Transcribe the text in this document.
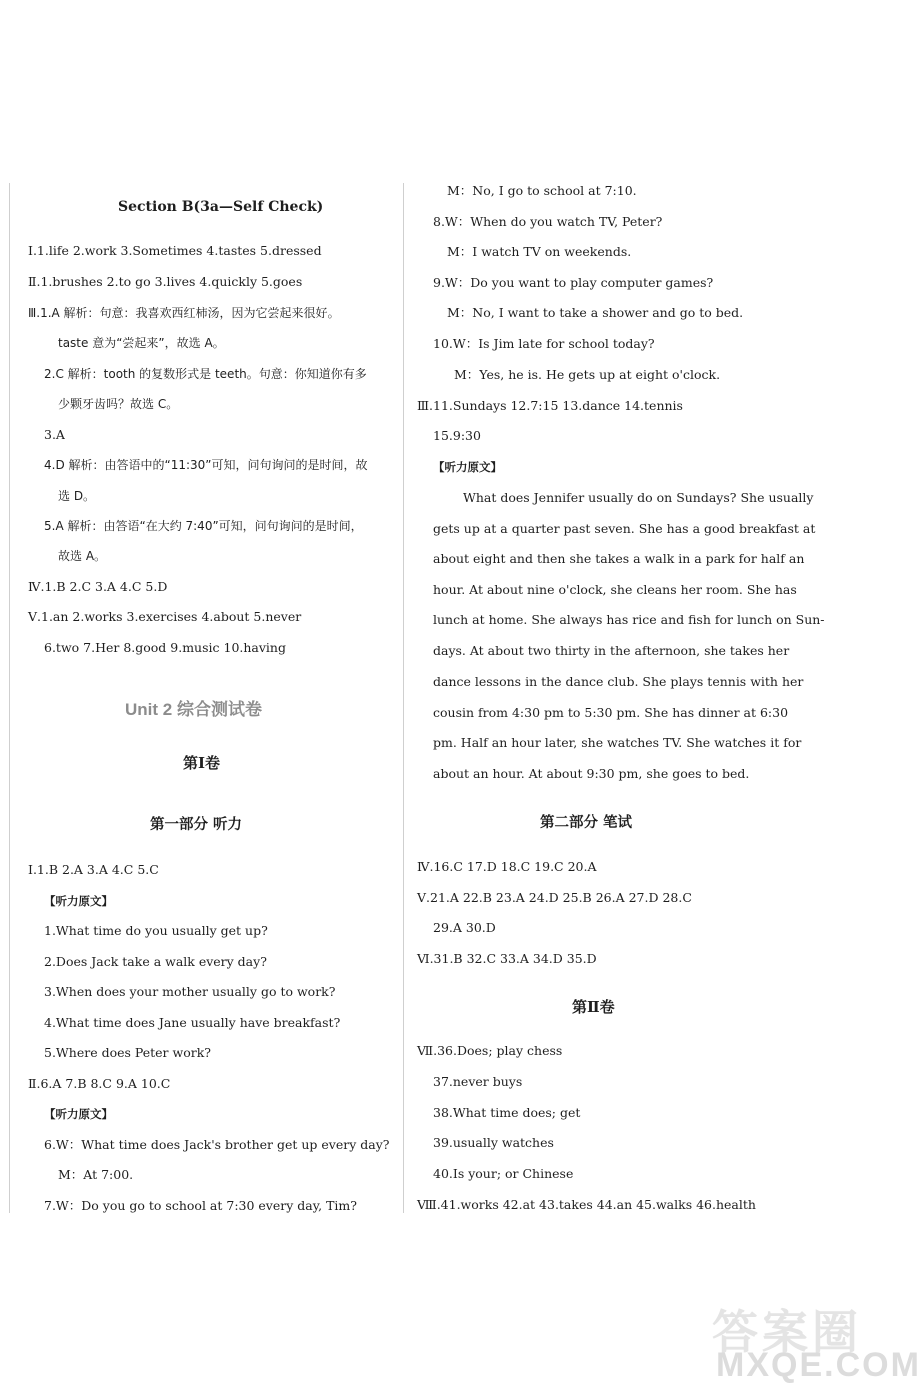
Section B(3a—Self Check)
Ⅰ.1.life 2.work 3.Sometimes 4.tastes 5.dressed
Ⅱ.1.brushes 2.to go 3.lives 4.quickly 5.goes
Ⅲ.1.A 解析：句意：我喜欢西红柿汤，因为它尝起来很好。
taste 意为“尝起来”，故选 A。
2.C 解析：tooth 的复数形式是 teeth。句意：你知道你有多
少颗牙齿吗？故选 C。
3.A
4.D 解析：由答语中的“11:30”可知，问句询问的是时间，故
选 D。
5.A 解析：由答语“在大约 7:40”可知，问句询问的是时间，
故选 A。
Ⅳ.1.B 2.C 3.A 4.C 5.D
Ⅴ.1.an 2.works 3.exercises 4.about 5.never
6.two 7.Her 8.good 9.music 10.having
Unit 2 综合测试卷
第Ⅰ卷
第一部分 听力
Ⅰ.1.B 2.A 3.A 4.C 5.C
【听力原文】
1.What time do you usually get up?
2.Does Jack take a walk every day?
3.When does your mother usually go to work?
4.What time does Jane usually have breakfast?
5.Where does Peter work?
Ⅱ.6.A 7.B 8.C 9.A 10.C
【听力原文】
6.W：What time does Jack's brother get up every day?
M：At 7:00.
7.W：Do you go to school at 7:30 every day, Tim?
M：No, I go to school at 7:10.
8.W：When do you watch TV, Peter?
M：I watch TV on weekends.
9.W：Do you want to play computer games?
M：No, I want to take a shower and go to bed.
10.W：Is Jim late for school today?
M：Yes, he is. He gets up at eight o'clock.
Ⅲ.11.Sundays 12.7:15 13.dance 14.tennis
15.9:30
【听力原文】
What does Jennifer usually do on Sundays? She usually
gets up at a quarter past seven. She has a good breakfast at
about eight and then she takes a walk in a park for half an
hour. At about nine o'clock, she cleans her room. She has
lunch at home. She always has rice and fish for lunch on Sun-
days. At about two thirty in the afternoon, she takes her
dance lessons in the dance club. She plays tennis with her
cousin from 4:30 pm to 5:30 pm. She has dinner at 6:30
pm. Half an hour later, she watches TV. She watches it for
about an hour. At about 9:30 pm, she goes to bed.
第二部分 笔试
Ⅳ.16.C 17.D 18.C 19.C 20.A
Ⅴ.21.A 22.B 23.A 24.D 25.B 26.A 27.D 28.C
29.A 30.D
Ⅵ.31.B 32.C 33.A 34.D 35.D
第Ⅱ卷
Ⅶ.36.Does; play chess
37.never buys
38.What time does; get
39.usually watches
40.Is your; or Chinese
Ⅷ.41.works 42.at 43.takes 44.an 45.walks 46.health
答案圈
MXQE.COM
